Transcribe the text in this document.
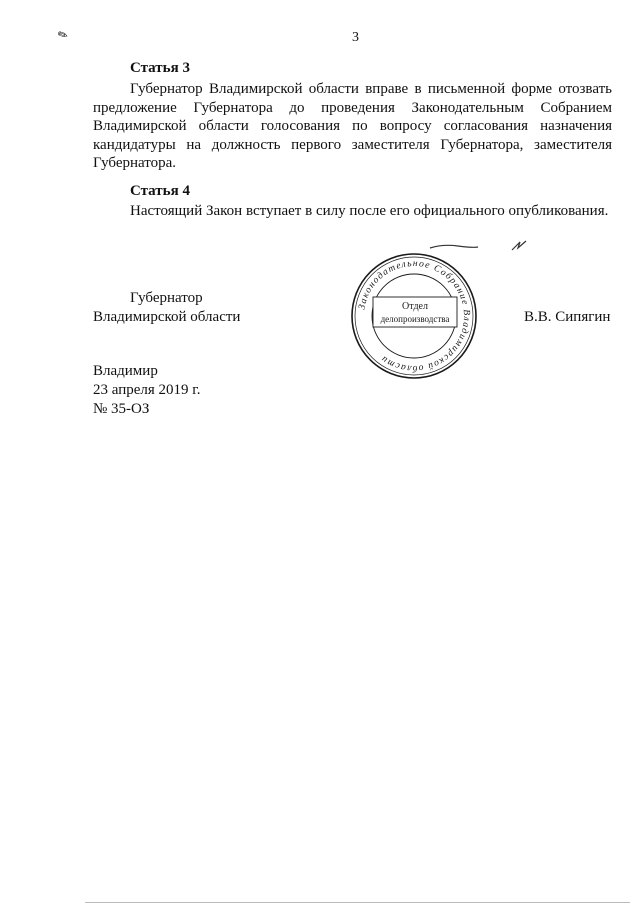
✎	3
Статья 3

Губернатор Владимирской области вправе в письменной форме отозвать предложение Губернатора до проведения Законодательным Собранием Владимирской области голосования по вопросу согласования назначения кандидатуры на должность первого заместителя Губернатора, заместителя Губернатора.

Статья 4

Настоящий Закон вступает в силу после его официального опубликования.

Губернатор
Владимирской области
Законодательное Собрание Владимирской области
Отдел
делопроизводства	В.В. Сипягин
Владимир
23 апреля 2019 г.
№ 35-ОЗ
